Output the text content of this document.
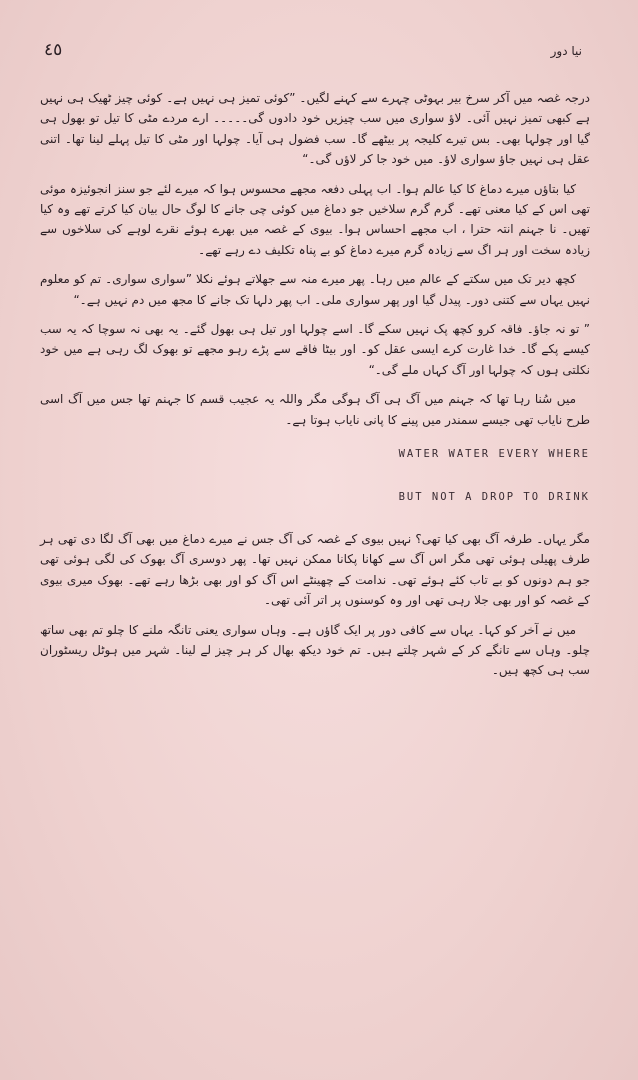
٤٥	نیا دور

درجہ غصہ میں آکر سرخ بیر بہوٹی چہرے سے کہنے لگیں۔ ”کوئی تمیز ہی نہیں ہے۔ کوئی چیز ٹھیک ہی نہیں ہے کبھی تمیز نہیں آئی۔ لاؤ سواری میں سب چیزیں خود دادوں گی۔۔۔۔۔ ارے مردے مٹی کا تیل تو بھول ہی گیا اور چولہا بھی۔ بس تیرے کلیجہ پر بیٹھے گا۔ سب فضول ہی آیا۔ چولہا اور مٹی کا تیل پہلے لینا تھا۔ اتنی عقل ہی نہیں جاؤ سواری لاؤ۔ میں خود جا کر لاؤں گی۔“

کیا بتاؤں میرے دماغ کا کیا عالم ہوا۔ اب پہلی دفعہ مجھے محسوس ہوا کہ میرے لئے جو سنز انجوئیزہ موئی تھی اس کے کیا معنی تھے۔ گرم گرم سلاخیں جو دماغ میں کوئی چی جانے کا لوگ حال بیان کیا کرتے تھے وہ کیا تھیں۔ نا جہنم انتہ حترا ، اب مجھے احساس ہوا۔ بیوی کے غصہ میں بھرے ہوئے نقرے لوہے کی سلاخوں سے زیادہ سخت اور ہر اگ سے زیادہ گرم میرے دماغ کو بے پناہ تکلیف دے رہے تھے۔

کچھ دیر تک میں سکتے کے عالم میں رہا۔ پھر میرے منہ سے جھلاتے ہوئے نکلا ”سواری سواری۔ تم کو معلوم نہیں یہاں سے کتنی دور۔ پیدل گیا اور پھر سواری ملی۔ اب پھر دلہا تک جانے کا مجھ میں دم نہیں ہے۔“

” تو نہ جاؤ۔ فاقہ کرو کچھ پک نہیں سکے گا۔ اسے چولہا اور تیل ہی بھول گئے۔ یہ بھی نہ سوچا کہ یہ سب کیسے پکے گا۔ خدا غارت کرے ایسی عقل کو۔ اور بیٹا فاقے سے پڑے رہو مجھے تو بھوک لگ رہی ہے میں خود نکلتی ہوں کہ چولہا اور آگ کہاں ملے گی۔“

میں سُنا رہا تھا کہ جہنم میں آگ ہی آگ ہوگی مگر واللہ یہ عجیب قسم کا جہنم تھا جس میں آگ اسی طرح نایاب تھی جیسے سمندر میں پینے کا پانی نایاب ہوتا ہے۔

WATER WATER EVERY WHERE
BUT NOT A DROP TO DRINK

مگر یہاں۔ طرفہ آگ بھی کیا تھی؟ نہیں بیوی کے غصہ کی آگ جس نے میرے دماغ میں بھی آگ لگا دی تھی ہر طرف پھیلی ہوئی تھی مگر اس آگ سے کھانا پکانا ممکن نہیں تھا۔ پھر دوسری آگ بھوک کی لگی ہوئی تھی جو ہم دونوں کو بے تاب کئے ہوئے تھی۔ ندامت کے چھینٹے اس آگ کو اور بھی بڑھا رہے تھے۔ بھوک میری بیوی کے غصہ کو اور بھی جلا رہی تھی اور وہ کوسنوں پر اتر آئی تھی۔

میں نے آخر کو کہا۔ یہاں سے کافی دور پر ایک گاؤں ہے۔ وہاں سواری یعنی تانگہ ملنے کا چلو تم بھی ساتھ چلو۔ وہاں سے تانگے کر کے شہر چلتے ہیں۔ تم خود دیکھ بھال کر ہر چیز لے لینا۔ شہر میں ہوٹل ریسٹوران سب ہی کچھ ہیں۔
